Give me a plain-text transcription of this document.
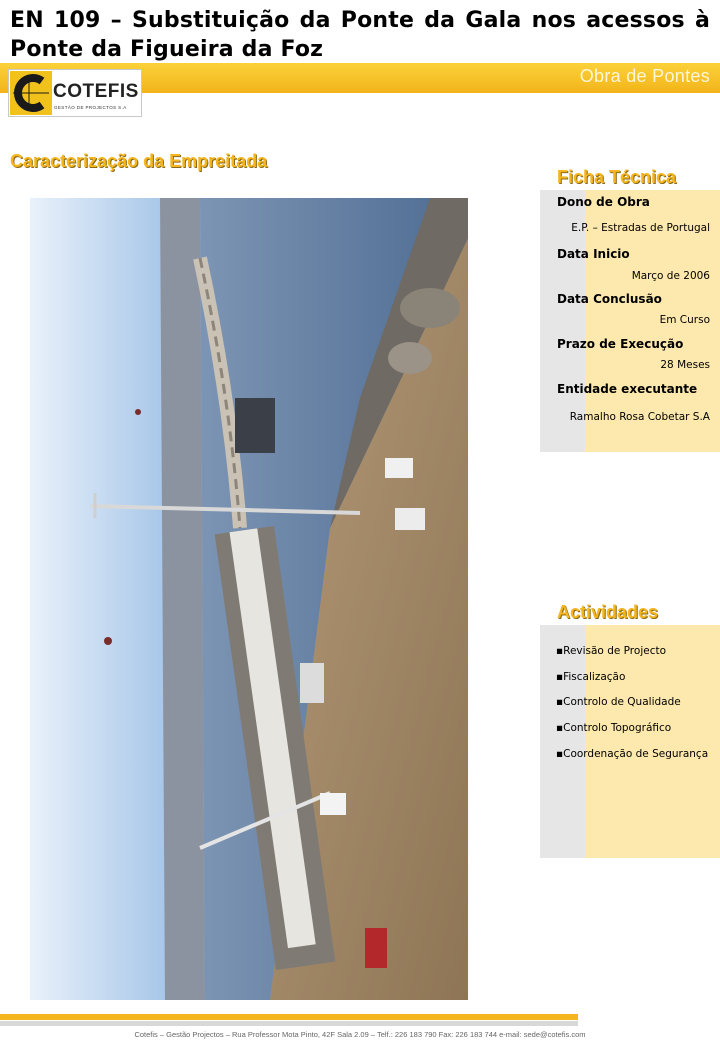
EN 109 – Substituição da Ponte da Gala nos acessos à Ponte da Figueira da Foz
Obra de Pontes
COTEFIS
GESTÃO DE PROJECTOS S.A
Caracterização da Empreitada
Ficha Técnica
Dono de Obra
E.P. – Estradas de Portugal
Data Inicio
Março de 2006
Data Conclusão
Em Curso
Prazo de Execução
28 Meses
Entidade executante
Ramalho Rosa Cobetar S.A
Actividades
▪Revisão de Projecto
▪Fiscalização
▪Controlo de Qualidade
▪Controlo Topográfico
▪Coordenação de Segurança
Cotefis – Gestão Projectos – Rua Professor Mota Pinto, 42F Sala 2.09 – Telf.: 226 183 790 Fax: 226 183 744 e-mail: sede@cotefis.com
